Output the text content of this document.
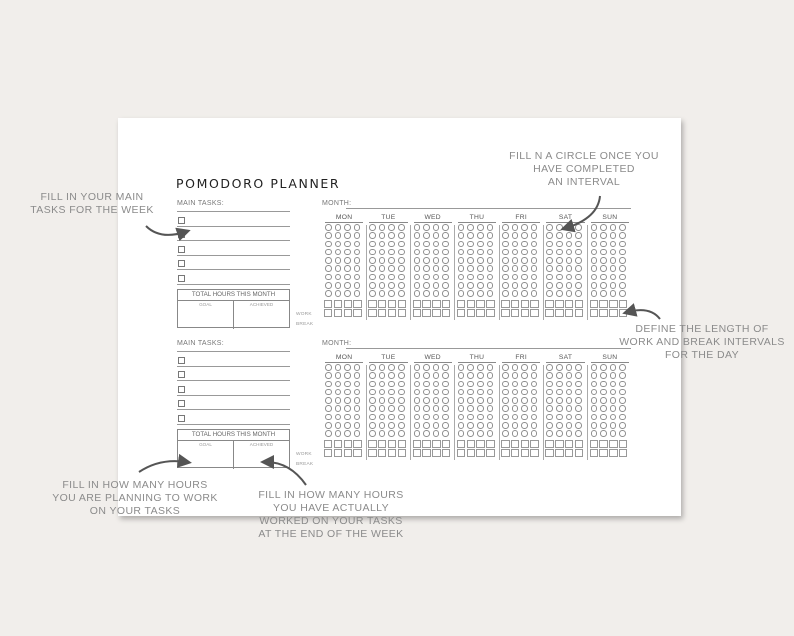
POMODORO PLANNER
MAIN TASKS:
TOTAL HOURS THIS MONTH
GOAL	ACHIEVED
MONTH:
MON	TUE	WED	THU	FRI	SAT	SUN
WORK
BREAK
MAIN TASKS:
TOTAL HOURS THIS MONTH
GOAL	ACHIEVED
MONTH:
MON	TUE	WED	THU	FRI	SAT	SUN
WORK
BREAK
FILL N A CIRCLE ONCE YOU
HAVE COMPLETED
AN INTERVAL
FILL IN YOUR MAIN
TASKS FOR THE WEEK
DEFINE THE LENGTH OF
WORK AND BREAK INTERVALS
FOR THE DAY
FILL IN HOW MANY HOURS
YOU ARE PLANNING TO WORK
ON YOUR TASKS
FILL IN HOW MANY HOURS
YOU HAVE ACTUALLY
WORKED ON YOUR TASKS
AT THE END OF THE WEEK
